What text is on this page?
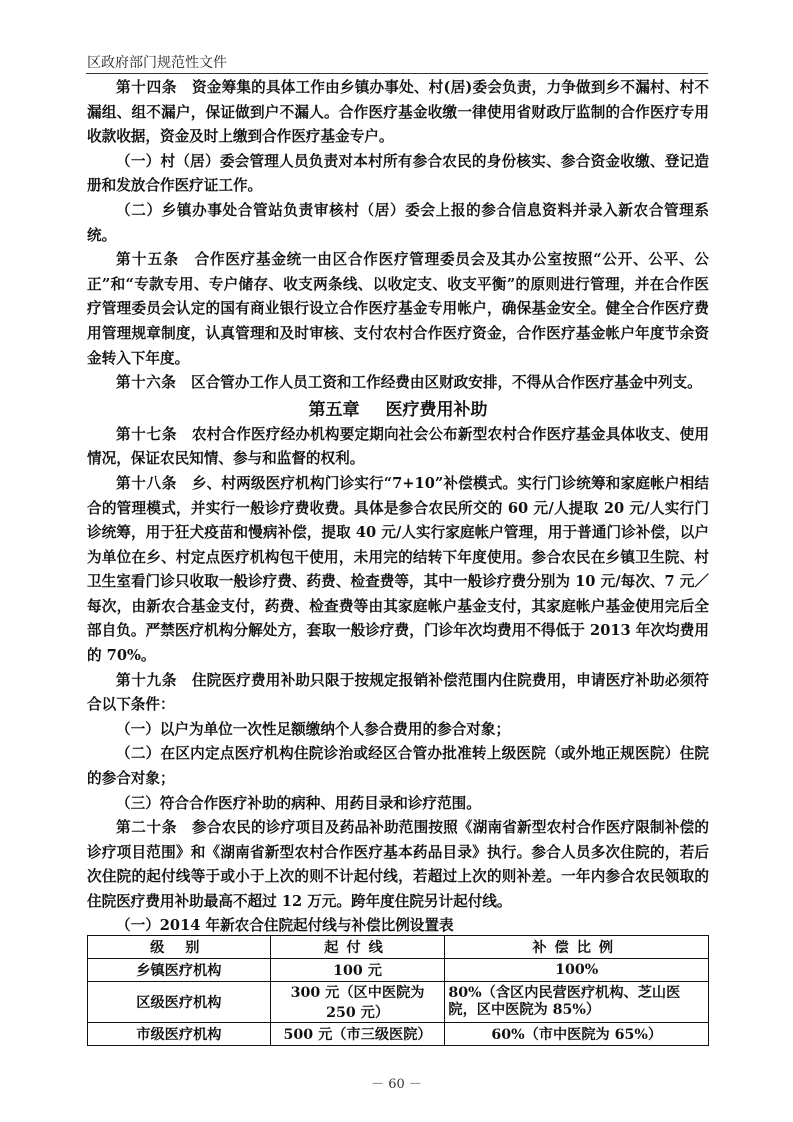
区政府部门规范性文件

第十四条  资金筹集的具体工作由乡镇办事处、村(居)委会负责，力争做到乡不漏村、村不漏组、组不漏户，保证做到户不漏人。合作医疗基金收缴一律使用省财政厅监制的合作医疗专用收款收据，资金及时上缴到合作医疗基金专户。

（一）村（居）委会管理人员负责对本村所有参合农民的身份核实、参合资金收缴、登记造册和发放合作医疗证工作。

（二）乡镇办事处合管站负责审核村（居）委会上报的参合信息资料并录入新农合管理系统。

第十五条  合作医疗基金统一由区合作医疗管理委员会及其办公室按照“公开、公平、公正”和“专款专用、专户储存、收支两条线、以收定支、收支平衡”的原则进行管理，并在合作医疗管理委员会认定的国有商业银行设立合作医疗基金专用帐户，确保基金安全。健全合作医疗费用管理规章制度，认真管理和及时审核、支付农村合作医疗资金，合作医疗基金帐户年度节余资金转入下年度。

第十六条  区合管办工作人员工资和工作经费由区财政安排，不得从合作医疗基金中列支。

第五章 医疗费用补助

第十七条  农村合作医疗经办机构要定期向社会公布新型农村合作医疗基金具体收支、使用情况，保证农民知情、参与和监督的权利。

第十八条  乡、村两级医疗机构门诊实行“7+10”补偿模式。实行门诊统筹和家庭帐户相结合的管理模式，并实行一般诊疗费收费。具体是参合农民所交的 60 元/人提取 20 元/人实行门诊统筹，用于狂犬疫苗和慢病补偿，提取 40 元/人实行家庭帐户管理，用于普通门诊补偿，以户为单位在乡、村定点医疗机构包干使用，未用完的结转下年度使用。参合农民在乡镇卫生院、村卫生室看门诊只收取一般诊疗费、药费、检查费等，其中一般诊疗费分别为 10 元/每次、7 元／每次，由新农合基金支付，药费、检查费等由其家庭帐户基金支付，其家庭帐户基金使用完后全部自负。严禁医疗机构分解处方，套取一般诊疗费，门诊年次均费用不得低于 2013 年次均费用的 70%。

第十九条  住院医疗费用补助只限于按规定报销补偿范围内住院费用，申请医疗补助必须符合以下条件：

（一）以户为单位一次性足额缴纳个人参合费用的参合对象；

（二）在区内定点医疗机构住院诊治或经区合管办批准转上级医院（或外地正规医院）住院的参合对象；

（三）符合合作医疗补助的病种、用药目录和诊疗范围。

第二十条  参合农民的诊疗项目及药品补助范围按照《湖南省新型农村合作医疗限制补偿的诊疗项目范围》和《湖南省新型农村合作医疗基本药品目录》执行。参合人员多次住院的，若后次住院的起付线等于或小于上次的则不计起付线，若超过上次的则补差。一年内参合农民领取的住院医疗费用补助最高不超过 12 万元。跨年度住院另计起付线。

（一）2014 年新农合住院起付线与补偿比例设置表

级 别	起付线	补偿比例
乡镇医疗机构	100 元	100%
区级医疗机构	300 元（区中医院为 250 元）	80%（含区内民营医疗机构、芝山医院，区中医院为 85%）
市级医疗机构	500 元（市三级医院）	60%（市中医院为 65%）
－ 60 －
